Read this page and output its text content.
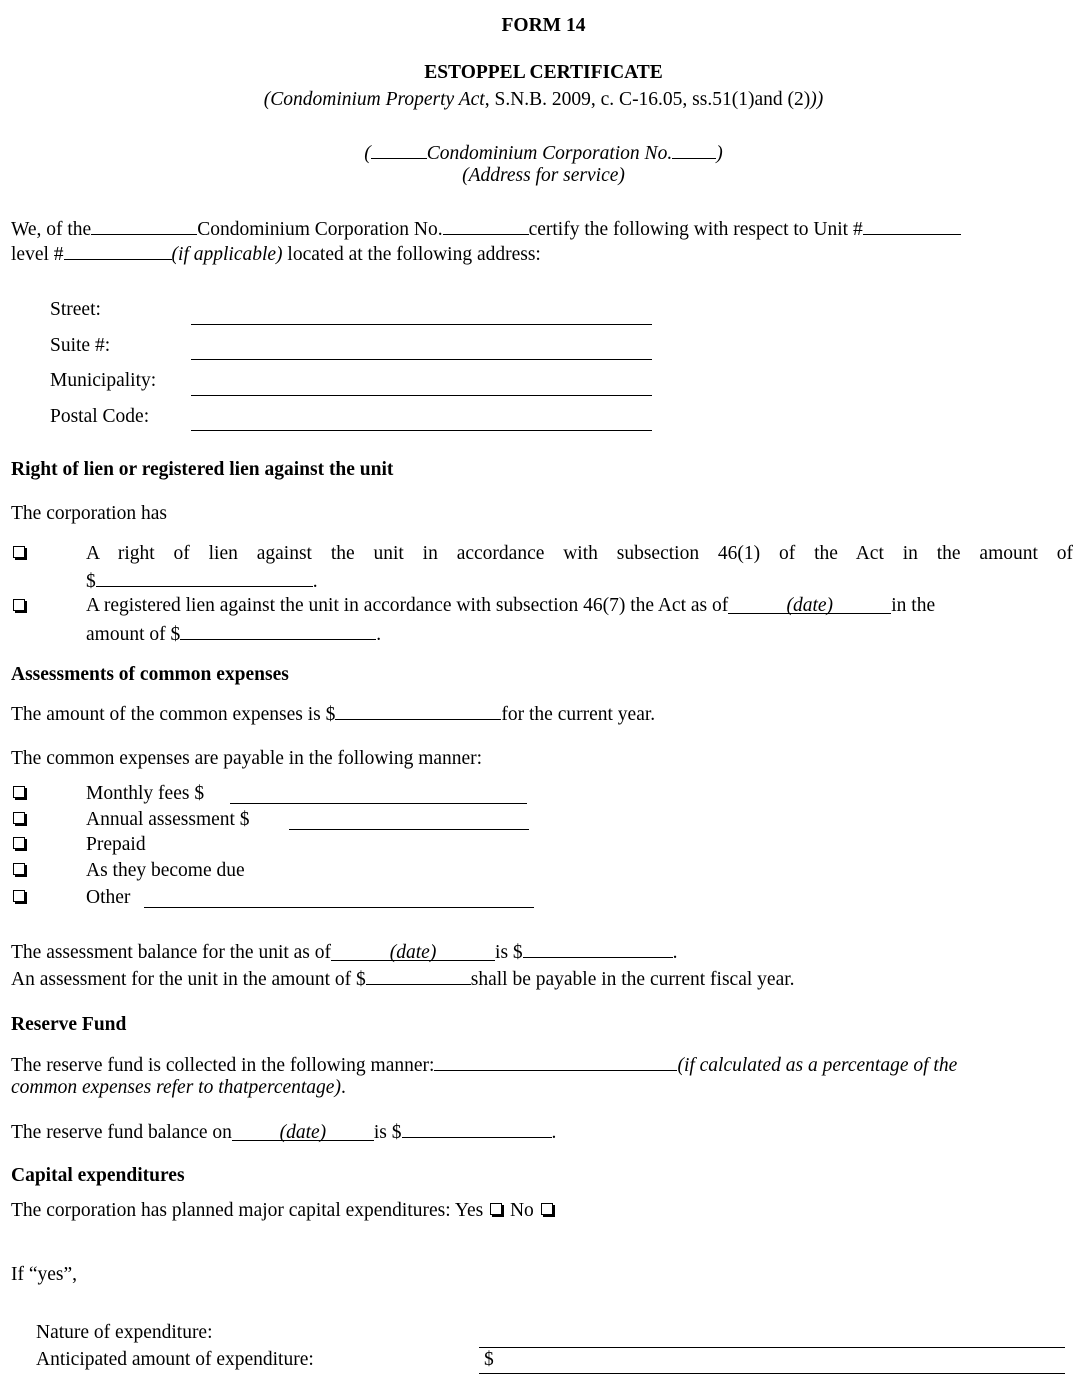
FORM 14
ESTOPPEL CERTIFICATE
(Condominium Property Act, S.N.B. 2009, c. C-16.05, ss.51(1)and (2)))
(	Condominium Corporation No. )
(Address for service)
We, of the	Condominium Corporation No.	certify the following with respect to Unit #
level #	(if applicable) located at the following address:
Street:
Suite #:
Municipality:
Postal Code:
Right of lien or registered lien against the unit
The corporation has
A right of lien against the unit in accordance with subsection 46(1) of the Act in the amount of
$	.
A registered lien against the unit in accordance with subsection 46(7) the Act as of	(date)	in the
amount of $	.
Assessments of common expenses
The amount of the common expenses is $	for the current year.
The common expenses are payable in the following manner:
Monthly fees $
Annual assessment $
Prepaid
As they become due
Other
The assessment balance for the unit as of	(date)	is $	.
An assessment for the unit in the amount of $	shall be payable in the current fiscal year.
Reserve Fund
The reserve fund is collected in the following manner:	(if calculated as a percentage of the
common expenses refer to thatpercentage).
The reserve fund balance on (date) is $	.
Capital expenditures
The corporation has planned major capital expenditures: Yes No
If “yes”,
Nature of expenditure:
Anticipated amount of expenditure:	$
